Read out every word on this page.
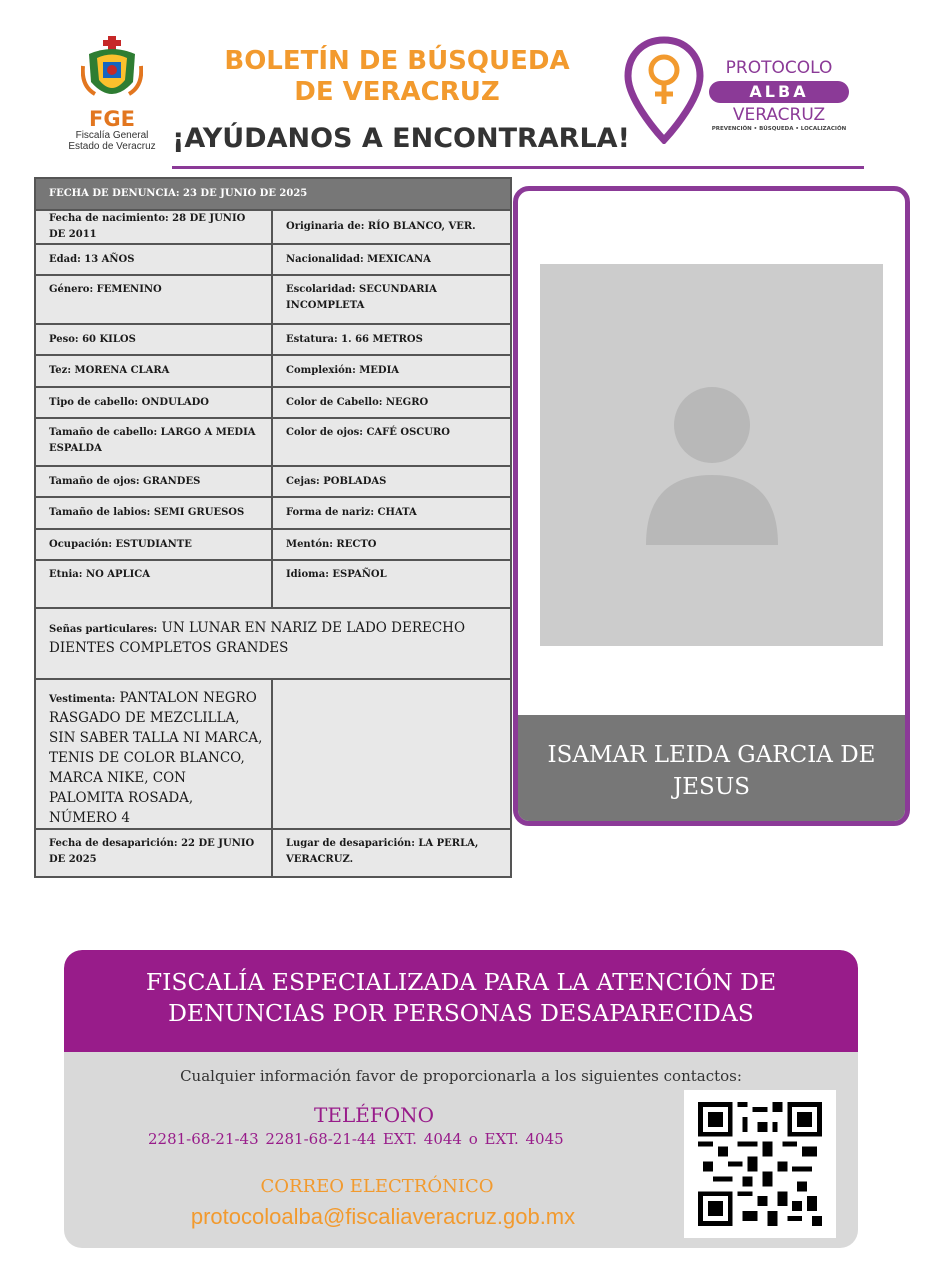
FGE
Fiscalía General
Estado de Veracruz
BOLETÍN DE BÚSQUEDA
DE VERACRUZ
¡AYÚDANOS A ENCONTRARLA!
PROTOCOLO
ALBA
VERACRUZ
PREVENCIÓN • BÚSQUEDA • LOCALIZACIÓN
FECHA DE DENUNCIA: 23 DE JUNIO DE 2025	
Fecha de nacimiento: 28 DE JUNIO DE 2011	Originaria de: RÍO BLANCO, VER.
Edad: 13 AÑOS	Nacionalidad: MEXICANA
Género: FEMENINO	Escolaridad: SECUNDARIA INCOMPLETA
Peso: 60 KILOS	Estatura: 1. 66 METROS
Tez: MORENA CLARA	Complexión: MEDIA
Tipo de cabello: ONDULADO	Color de Cabello: NEGRO
Tamaño de cabello: LARGO A MEDIA ESPALDA	Color de ojos: CAFÉ OSCURO
Tamaño de ojos: GRANDES	Cejas: POBLADAS
Tamaño de labios: SEMI GRUESOS	Forma de nariz: CHATA
Ocupación: ESTUDIANTE	Mentón: RECTO
Etnia: NO APLICA	Idioma: ESPAÑOL
Señas particulares: UN LUNAR EN NARIZ DE LADO DERECHO DIENTES COMPLETOS GRANDES	
Vestimenta: PANTALON NEGRO RASGADO DE MEZCLILLA, SIN SABER TALLA NI MARCA, TENIS DE COLOR BLANCO, MARCA NIKE, CON PALOMITA ROSADA, NÚMERO 4	
Fecha de desaparición: 22 DE JUNIO DE 2025	Lugar de desaparición: LA PERLA, VERACRUZ.
ISAMAR LEIDA GARCIA DE JESUS
FISCALÍA ESPECIALIZADA PARA LA ATENCIÓN DE
DENUNCIAS POR PERSONAS DESAPARECIDAS
Cualquier información favor de proporcionarla a los siguientes contactos:
TELÉFONO
2281-68-21-43 2281-68-21-44 EXT. 4044 o EXT. 4045
CORREO ELECTRÓNICO
protocoloalba@fiscaliaveracruz.gob.mx
